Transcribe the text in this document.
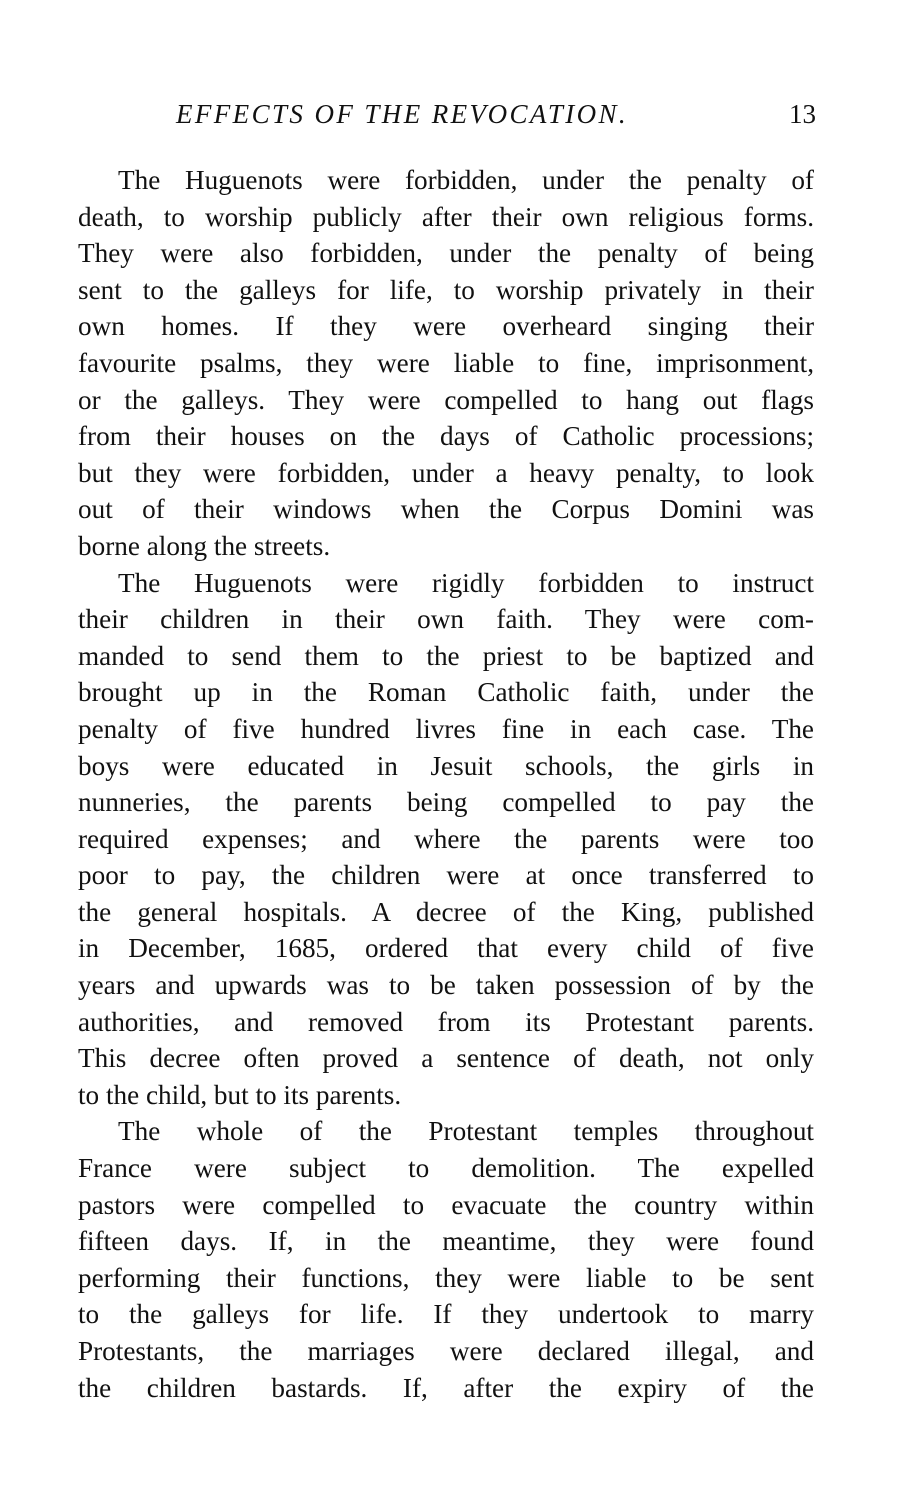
EFFECTS OF THE REVOCATION.	13

The Huguenots were forbidden, under the penalty of
death, to worship publicly after their own religious forms.
They were also forbidden, under the penalty of being
sent to the galleys for life, to worship privately in their
own homes. If they were overheard singing their
favourite psalms, they were liable to fine, imprisonment,
or the galleys. They were compelled to hang out flags
from their houses on the days of Catholic processions;
but they were forbidden, under a heavy penalty, to look
out of their windows when the Corpus Domini was
borne along the streets.

The Huguenots were rigidly forbidden to instruct
their children in their own faith. They were com-
manded to send them to the priest to be baptized and
brought up in the Roman Catholic faith, under the
penalty of five hundred livres fine in each case. The
boys were educated in Jesuit schools, the girls in
nunneries, the parents being compelled to pay the
required expenses; and where the parents were too
poor to pay, the children were at once transferred to
the general hospitals. A decree of the King, published
in December, 1685, ordered that every child of five
years and upwards was to be taken possession of by the
authorities, and removed from its Protestant parents.
This decree often proved a sentence of death, not only
to the child, but to its parents.

The whole of the Protestant temples throughout
France were subject to demolition. The expelled
pastors were compelled to evacuate the country within
fifteen days. If, in the meantime, they were found
performing their functions, they were liable to be sent
to the galleys for life. If they undertook to marry
Protestants, the marriages were declared illegal, and
the children bastards. If, after the expiry of the
